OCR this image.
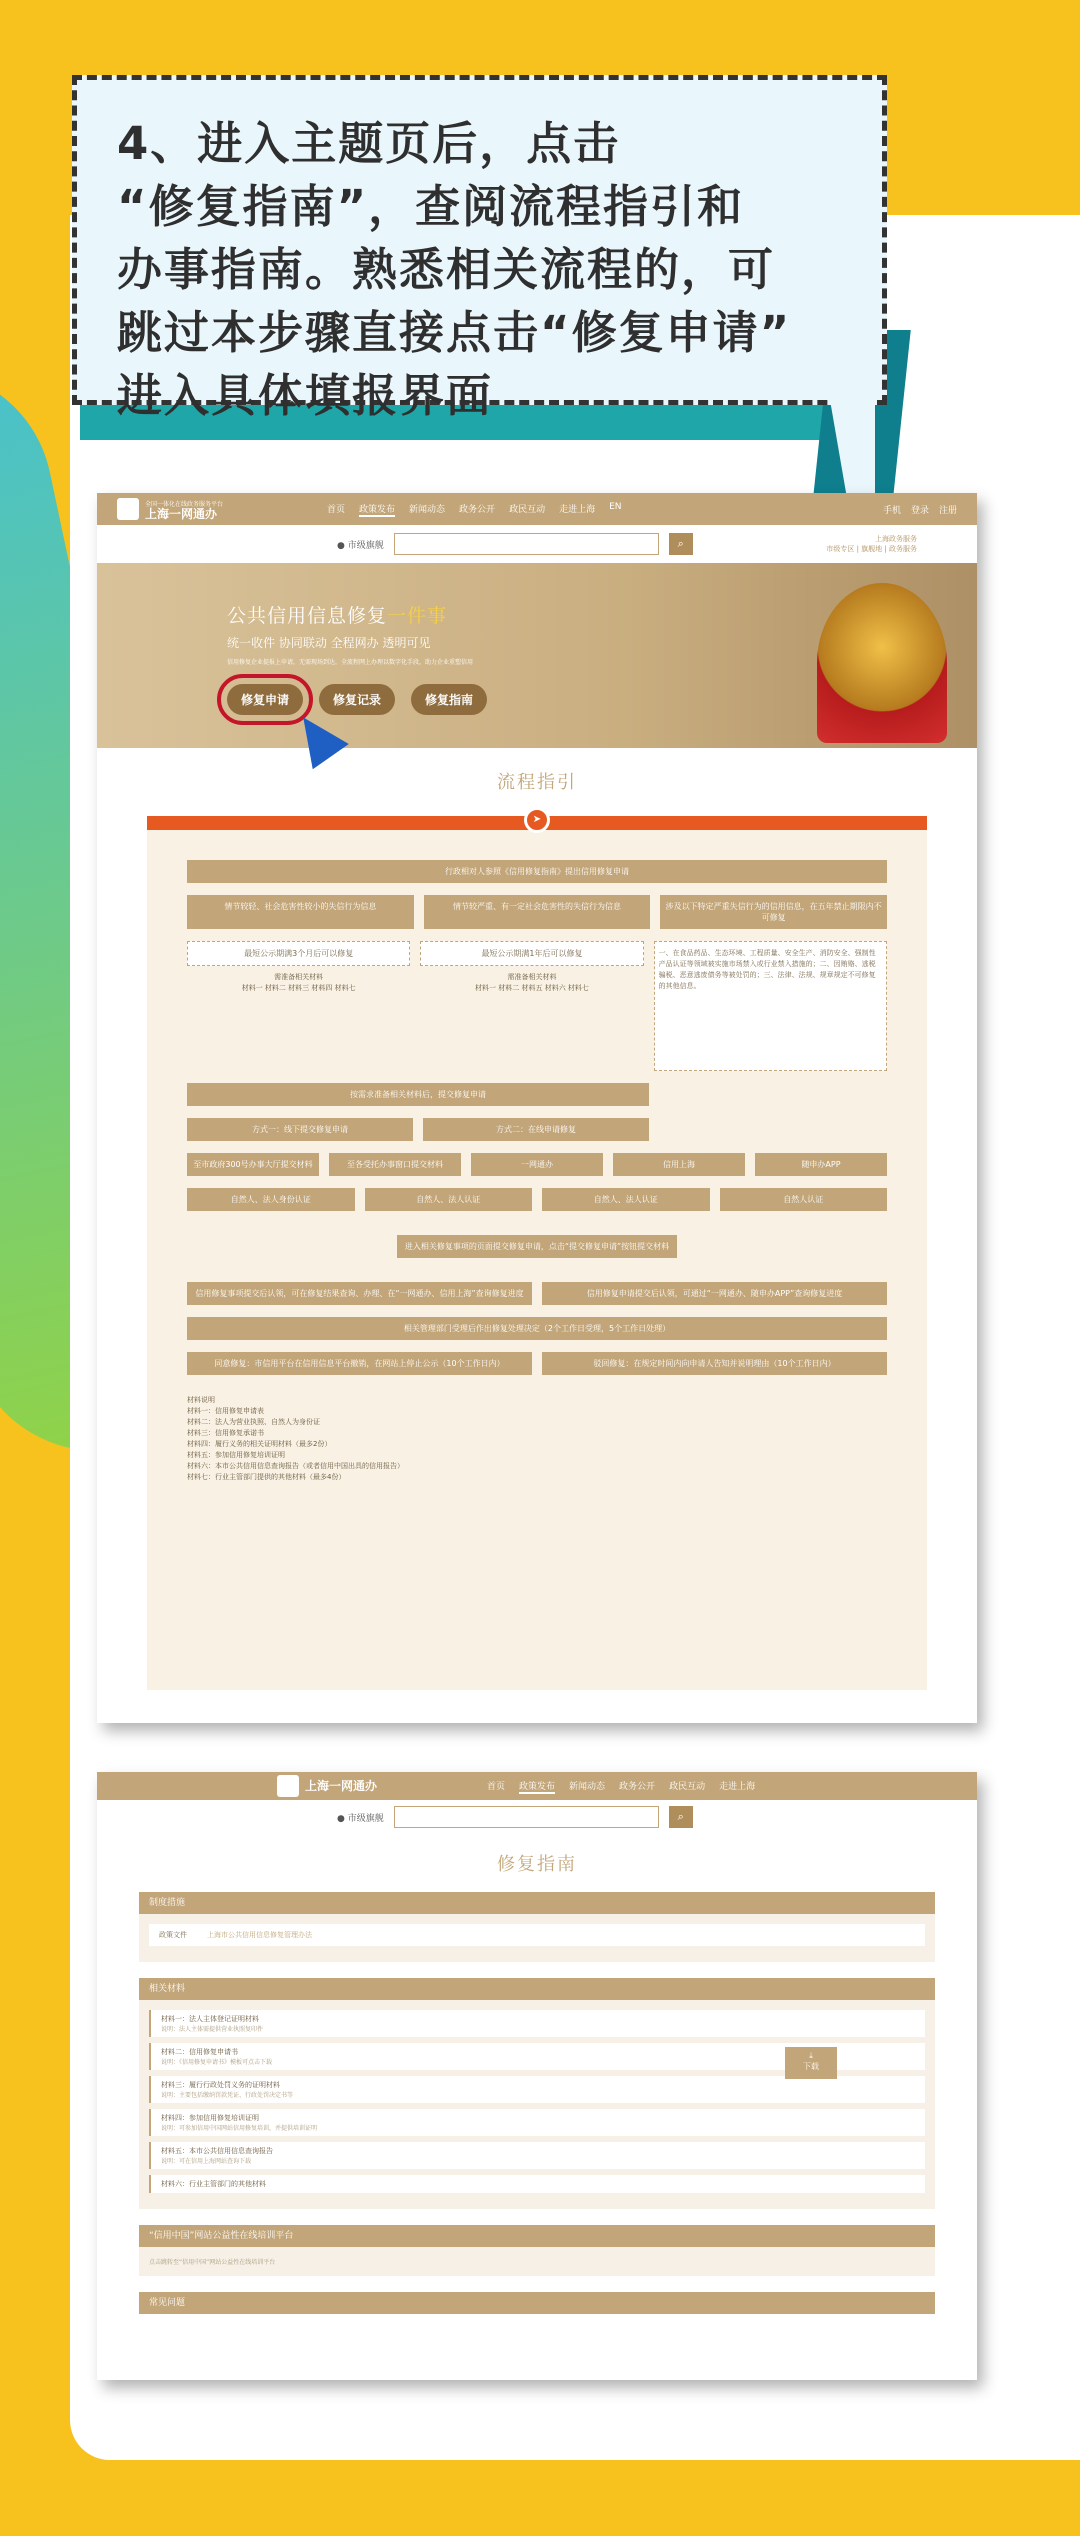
4、进入主题页后，点击
“修复指南”，查阅流程指引和
办事指南。熟悉相关流程的，可
跳过本步骤直接点击“修复申请”
进入具体填报界面
全国一体化在线政务服务平台
上海一网通办	首页 政策发布 新闻动态 政务公开 政民互动 走进上海 EN	手机 登录 注册
● 市级旗舰	⌕	上海政务服务
市级专区 | 旗舰地 | 政务服务
公共信用信息修复一件事
统一收件 协同联动 全程网办 透明可见
信用修复企业提报上申请，无需现场到达，全流程网上办理以数字化手段，助力企业重塑信用
修复申请	修复记录	修复指南
流程指引
➤
行政相对人参照《信用修复指南》提出信用修复申请
情节较轻、社会危害性较小的失信行为信息	情节较严重、有一定社会危害性的失信行为信息	涉及以下特定严重失信行为的信用信息，在五年禁止期限内不可修复
最短公示期满3个月后可以修复
需准备相关材料
材料一 材料二 材料三 材料四 材料七
最短公示期满1年后可以修复
需准备相关材料
材料一 材料二 材料五 材料六 材料七
一、在食品药品、生态环境、工程质量、安全生产、消防安全、强制性产品认证等领域被实施市场禁入或行业禁入措施的；二、因贿赂、逃税骗税、恶意逃废债务等被处罚的；三、法律、法规、规章规定不可修复的其他信息。
按需求准备相关材料后，提交修复申请
方式一：线下提交修复申请	方式二：在线申请修复
至市政府300号办事大厅提交材料	至各受托办事窗口提交材料	一网通办	信用上海	随申办APP
自然人、法人身份认证	自然人、法人认证	自然人、法人认证	自然人认证
进入相关修复事项的页面提交修复申请，点击“提交修复申请”按钮提交材料
信用修复事项提交后认领，可在修复结果查询、办理、在“一网通办、信用上海”查询修复进度	信用修复申请提交后认领，可通过“一网通办、随申办APP”查询修复进度
相关管理部门受理后作出修复处理决定（2个工作日受理，5个工作日处理）
同意修复：市信用平台在信用信息平台撤销，在网站上停止公示（10个工作日内）	驳回修复：在规定时间内向申请人告知并说明理由（10个工作日内）
材料说明
材料一：信用修复申请表
材料二：法人为营业执照、自然人为身份证
材料三：信用修复承诺书
材料四：履行义务的相关证明材料（最多2份）
材料五：参加信用修复培训证明
材料六：本市公共信用信息查询报告（或者信用中国出具的信用报告）
材料七：行业主管部门提供的其他材料（最多4份）
上海一网通办	首页 政策发布 新闻动态 政务公开 政民互动 走进上海
● 市级旗舰	⌕
修复指南
制度措施
政策文件	上海市公共信用信息修复管理办法
相关材料
材料一：法人主体登记证明材料
说明：法人主体需提供营业执照复印件
材料二：信用修复申请书
说明：《信用修复申请书》模板可点击下载
材料三：履行行政处罚义务的证明材料
说明：主要包括缴纳罚款凭证、行政处罚决定书等
材料四：参加信用修复培训证明
说明：可参加信用中国网站信用修复培训，并提供培训证明
材料五：本市公共信用信息查询报告
说明：可在信用上海网站查询下载
材料六：行业主管部门的其他材料
⤓
下载
“信用中国”网站公益性在线培训平台
点击跳转至“信用中国”网站公益性在线培训平台
常见问题
